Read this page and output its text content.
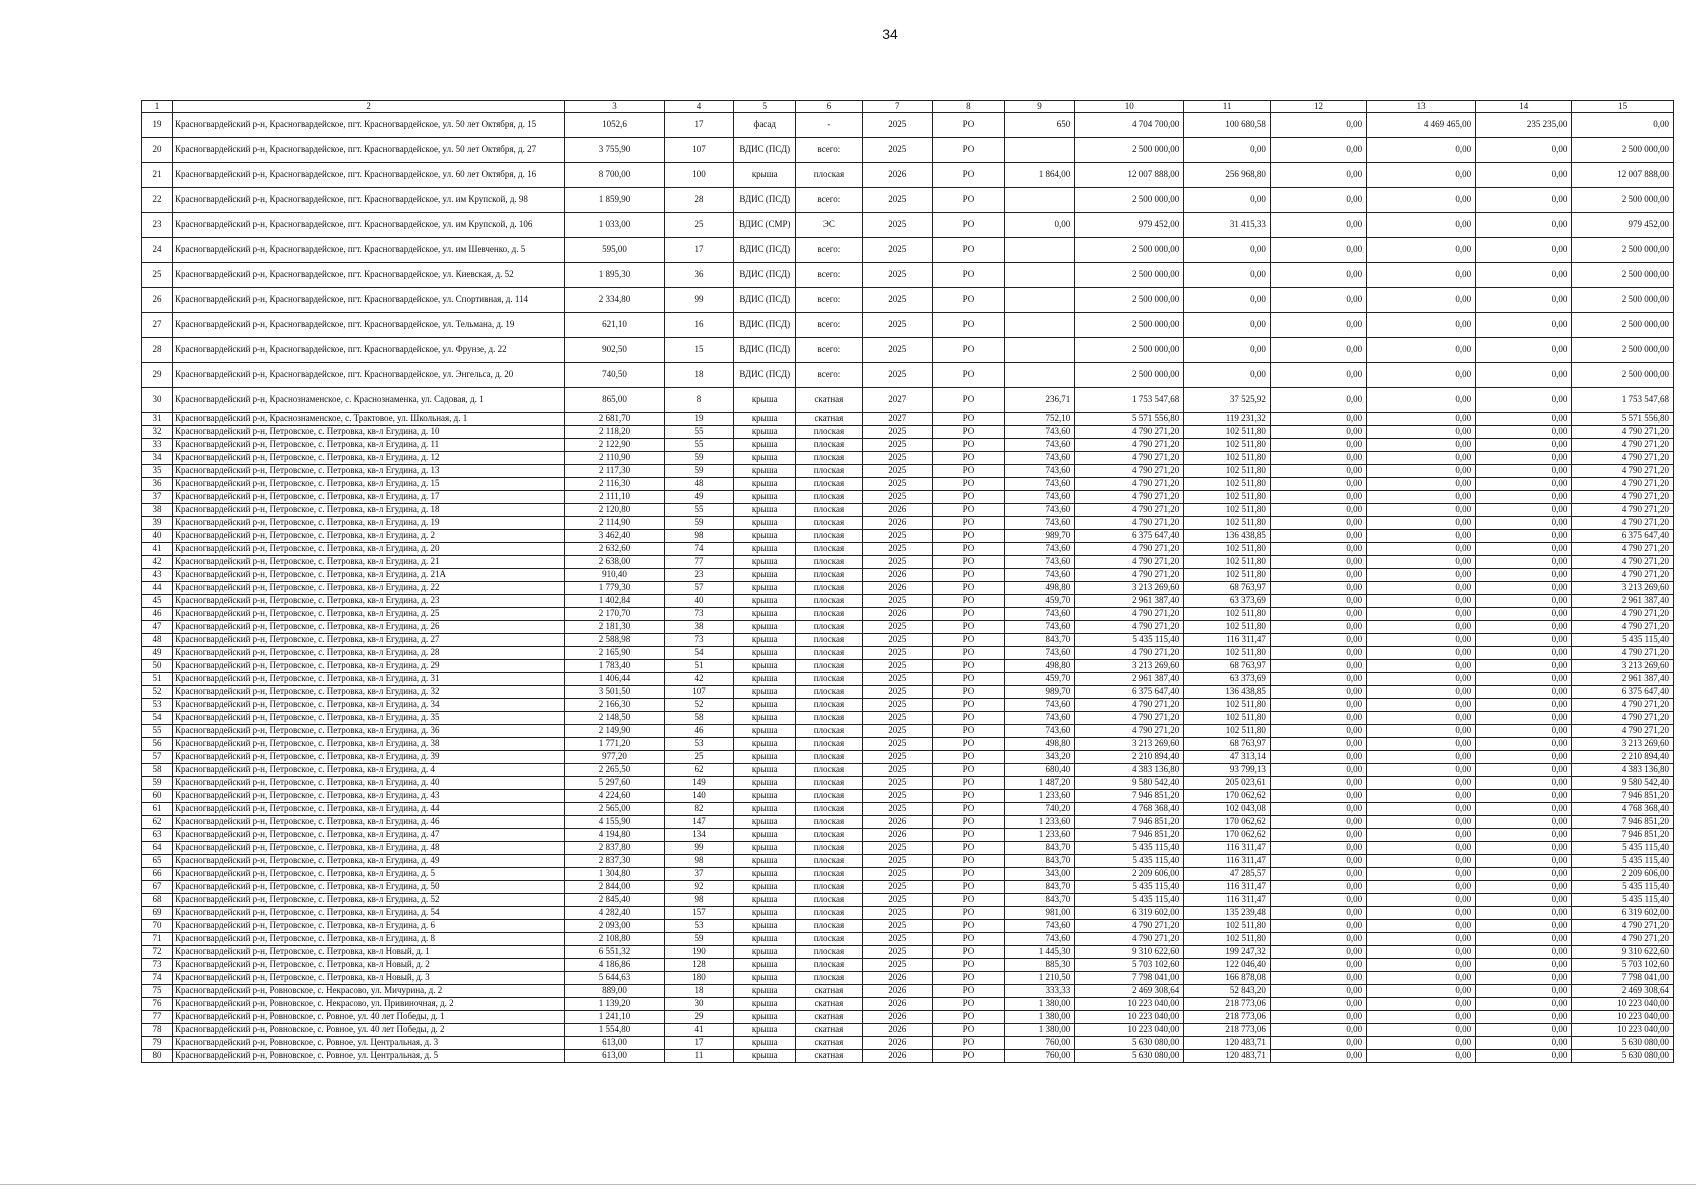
34
1	2	3	4	5	6	7	8	9	10	11	12	13	14	15
19	Красногвардейский р-н, Красногвардейское, пгт. Красногвардейское, ул. 50 лет Октября, д. 15	1052,6	17	фасад	-	2025	РО	650	4 704 700,00	100 680,58	0,00	4 469 465,00	235 235,00	0,00
20	Красногвардейский р-н, Красногвардейское, пгт. Красногвардейское, ул. 50 лет Октября, д. 27	3 755,90	107	ВДИС (ПСД)	всего:	2025	РО		2 500 000,00	0,00	0,00	0,00	0,00	2 500 000,00
21	Красногвардейский р-н, Красногвардейское, пгт. Красногвардейское, ул. 60 лет Октября, д. 16	8 700,00	100	крыша	плоская	2026	РО	1 864,00	12 007 888,00	256 968,80	0,00	0,00	0,00	12 007 888,00
22	Красногвардейский р-н, Красногвардейское, пгт. Красногвардейское, ул. им Крупской, д. 98	1 859,90	28	ВДИС (ПСД)	всего:	2025	РО		2 500 000,00	0,00	0,00	0,00	0,00	2 500 000,00
23	Красногвардейский р-н, Красногвардейское, пгт. Красногвардейское, ул. им Крупской, д. 106	1 033,00	25	ВДИС (СМР)	ЭС	2025	РО	0,00	979 452,00	31 415,33	0,00	0,00	0,00	979 452,00
24	Красногвардейский р-н, Красногвардейское, пгт. Красногвардейское, ул. им Шевченко, д. 5	595,00	17	ВДИС (ПСД)	всего:	2025	РО		2 500 000,00	0,00	0,00	0,00	0,00	2 500 000,00
25	Красногвардейский р-н, Красногвардейское, пгт. Красногвардейское, ул. Киевская, д. 52	1 895,30	36	ВДИС (ПСД)	всего:	2025	РО		2 500 000,00	0,00	0,00	0,00	0,00	2 500 000,00
26	Красногвардейский р-н, Красногвардейское, пгт. Красногвардейское, ул. Спортивная, д. 114	2 334,80	99	ВДИС (ПСД)	всего:	2025	РО		2 500 000,00	0,00	0,00	0,00	0,00	2 500 000,00
27	Красногвардейский р-н, Красногвардейское, пгт. Красногвардейское, ул. Тельмана, д. 19	621,10	16	ВДИС (ПСД)	всего:	2025	РО		2 500 000,00	0,00	0,00	0,00	0,00	2 500 000,00
28	Красногвардейский р-н, Красногвардейское, пгт. Красногвардейское, ул. Фрунзе, д. 22	902,50	15	ВДИС (ПСД)	всего:	2025	РО		2 500 000,00	0,00	0,00	0,00	0,00	2 500 000,00
29	Красногвардейский р-н, Красногвардейское, пгт. Красногвардейское, ул. Энгельса, д. 20	740,50	18	ВДИС (ПСД)	всего:	2025	РО		2 500 000,00	0,00	0,00	0,00	0,00	2 500 000,00
30	Красногвардейский р-н, Краснознаменское, с. Краснознаменка, ул. Садовая, д. 1	865,00	8	крыша	скатная	2027	РО	236,71	1 753 547,68	37 525,92	0,00	0,00	0,00	1 753 547,68
31	Красногвардейский р-н, Краснознаменское, с. Трактовое, ул. Школьная, д. 1	2 681,70	19	крыша	скатная	2027	РО	752,10	5 571 556,80	119 231,32	0,00	0,00	0,00	5 571 556,80
32	Красногвардейский р-н, Петровское, с. Петровка, кв-л Егудина, д. 10	2 118,20	55	крыша	плоская	2025	РО	743,60	4 790 271,20	102 511,80	0,00	0,00	0,00	4 790 271,20
33	Красногвардейский р-н, Петровское, с. Петровка, кв-л Егудина, д. 11	2 122,90	55	крыша	плоская	2025	РО	743,60	4 790 271,20	102 511,80	0,00	0,00	0,00	4 790 271,20
34	Красногвардейский р-н, Петровское, с. Петровка, кв-л Егудина, д. 12	2 110,90	59	крыша	плоская	2025	РО	743,60	4 790 271,20	102 511,80	0,00	0,00	0,00	4 790 271,20
35	Красногвардейский р-н, Петровское, с. Петровка, кв-л Егудина, д. 13	2 117,30	59	крыша	плоская	2025	РО	743,60	4 790 271,20	102 511,80	0,00	0,00	0,00	4 790 271,20
36	Красногвардейский р-н, Петровское, с. Петровка, кв-л Егудина, д. 15	2 116,30	48	крыша	плоская	2025	РО	743,60	4 790 271,20	102 511,80	0,00	0,00	0,00	4 790 271,20
37	Красногвардейский р-н, Петровское, с. Петровка, кв-л Егудина, д. 17	2 111,10	49	крыша	плоская	2025	РО	743,60	4 790 271,20	102 511,80	0,00	0,00	0,00	4 790 271,20
38	Красногвардейский р-н, Петровское, с. Петровка, кв-л Егудина, д. 18	2 120,80	55	крыша	плоская	2026	РО	743,60	4 790 271,20	102 511,80	0,00	0,00	0,00	4 790 271,20
39	Красногвардейский р-н, Петровское, с. Петровка, кв-л Егудина, д. 19	2 114,90	59	крыша	плоская	2026	РО	743,60	4 790 271,20	102 511,80	0,00	0,00	0,00	4 790 271,20
40	Красногвардейский р-н, Петровское, с. Петровка, кв-л Егудина, д. 2	3 462,40	98	крыша	плоская	2025	РО	989,70	6 375 647,40	136 438,85	0,00	0,00	0,00	6 375 647,40
41	Красногвардейский р-н, Петровское, с. Петровка, кв-л Егудина, д. 20	2 632,60	74	крыша	плоская	2025	РО	743,60	4 790 271,20	102 511,80	0,00	0,00	0,00	4 790 271,20
42	Красногвардейский р-н, Петровское, с. Петровка, кв-л Егудина, д. 21	2 638,00	77	крыша	плоская	2025	РО	743,60	4 790 271,20	102 511,80	0,00	0,00	0,00	4 790 271,20
43	Красногвардейский р-н, Петровское, с. Петровка, кв-л Егудина, д. 21А	910,40	23	крыша	плоская	2026	РО	743,60	4 790 271,20	102 511,80	0,00	0,00	0,00	4 790 271,20
44	Красногвардейский р-н, Петровское, с. Петровка, кв-л Егудина, д. 22	1 779,30	57	крыша	плоская	2026	РО	498,80	3 213 269,60	68 763,97	0,00	0,00	0,00	3 213 269,60
45	Красногвардейский р-н, Петровское, с. Петровка, кв-л Егудина, д. 23	1 402,84	40	крыша	плоская	2025	РО	459,70	2 961 387,40	63 373,69	0,00	0,00	0,00	2 961 387,40
46	Красногвардейский р-н, Петровское, с. Петровка, кв-л Егудина, д. 25	2 170,70	73	крыша	плоская	2026	РО	743,60	4 790 271,20	102 511,80	0,00	0,00	0,00	4 790 271,20
47	Красногвардейский р-н, Петровское, с. Петровка, кв-л Егудина, д. 26	2 181,30	38	крыша	плоская	2025	РО	743,60	4 790 271,20	102 511,80	0,00	0,00	0,00	4 790 271,20
48	Красногвардейский р-н, Петровское, с. Петровка, кв-л Егудина, д. 27	2 588,98	73	крыша	плоская	2025	РО	843,70	5 435 115,40	116 311,47	0,00	0,00	0,00	5 435 115,40
49	Красногвардейский р-н, Петровское, с. Петровка, кв-л Егудина, д. 28	2 165,90	54	крыша	плоская	2025	РО	743,60	4 790 271,20	102 511,80	0,00	0,00	0,00	4 790 271,20
50	Красногвардейский р-н, Петровское, с. Петровка, кв-л Егудина, д. 29	1 783,40	51	крыша	плоская	2025	РО	498,80	3 213 269,60	68 763,97	0,00	0,00	0,00	3 213 269,60
51	Красногвардейский р-н, Петровское, с. Петровка, кв-л Егудина, д. 31	1 406,44	42	крыша	плоская	2025	РО	459,70	2 961 387,40	63 373,69	0,00	0,00	0,00	2 961 387,40
52	Красногвардейский р-н, Петровское, с. Петровка, кв-л Егудина, д. 32	3 501,50	107	крыша	плоская	2025	РО	989,70	6 375 647,40	136 438,85	0,00	0,00	0,00	6 375 647,40
53	Красногвардейский р-н, Петровское, с. Петровка, кв-л Егудина, д. 34	2 166,30	52	крыша	плоская	2025	РО	743,60	4 790 271,20	102 511,80	0,00	0,00	0,00	4 790 271,20
54	Красногвардейский р-н, Петровское, с. Петровка, кв-л Егудина, д. 35	2 148,50	58	крыша	плоская	2025	РО	743,60	4 790 271,20	102 511,80	0,00	0,00	0,00	4 790 271,20
55	Красногвардейский р-н, Петровское, с. Петровка, кв-л Егудина, д. 36	2 149,90	46	крыша	плоская	2025	РО	743,60	4 790 271,20	102 511,80	0,00	0,00	0,00	4 790 271,20
56	Красногвардейский р-н, Петровское, с. Петровка, кв-л Егудина, д. 38	1 771,20	53	крыша	плоская	2025	РО	498,80	3 213 269,60	68 763,97	0,00	0,00	0,00	3 213 269,60
57	Красногвардейский р-н, Петровское, с. Петровка, кв-л Егудина, д. 39	977,20	25	крыша	плоская	2025	РО	343,20	2 210 894,40	47 313,14	0,00	0,00	0,00	2 210 894,40
58	Красногвардейский р-н, Петровское, с. Петровка, кв-л Егудина, д. 4	2 265,50	62	крыша	плоская	2025	РО	680,40	4 383 136,80	93 799,13	0,00	0,00	0,00	4 383 136,80
59	Красногвардейский р-н, Петровское, с. Петровка, кв-л Егудина, д. 40	5 297,60	149	крыша	плоская	2025	РО	1 487,20	9 580 542,40	205 023,61	0,00	0,00	0,00	9 580 542,40
60	Красногвардейский р-н, Петровское, с. Петровка, кв-л Егудина, д. 43	4 224,60	140	крыша	плоская	2025	РО	1 233,60	7 946 851,20	170 062,62	0,00	0,00	0,00	7 946 851,20
61	Красногвардейский р-н, Петровское, с. Петровка, кв-л Егудина, д. 44	2 565,00	82	крыша	плоская	2025	РО	740,20	4 768 368,40	102 043,08	0,00	0,00	0,00	4 768 368,40
62	Красногвардейский р-н, Петровское, с. Петровка, кв-л Егудина, д. 46	4 155,90	147	крыша	плоская	2026	РО	1 233,60	7 946 851,20	170 062,62	0,00	0,00	0,00	7 946 851,20
63	Красногвардейский р-н, Петровское, с. Петровка, кв-л Егудина, д. 47	4 194,80	134	крыша	плоская	2026	РО	1 233,60	7 946 851,20	170 062,62	0,00	0,00	0,00	7 946 851,20
64	Красногвардейский р-н, Петровское, с. Петровка, кв-л Егудина, д. 48	2 837,80	99	крыша	плоская	2025	РО	843,70	5 435 115,40	116 311,47	0,00	0,00	0,00	5 435 115,40
65	Красногвардейский р-н, Петровское, с. Петровка, кв-л Егудина, д. 49	2 837,30	98	крыша	плоская	2025	РО	843,70	5 435 115,40	116 311,47	0,00	0,00	0,00	5 435 115,40
66	Красногвардейский р-н, Петровское, с. Петровка, кв-л Егудина, д. 5	1 304,80	37	крыша	плоская	2025	РО	343,00	2 209 606,00	47 285,57	0,00	0,00	0,00	2 209 606,00
67	Красногвардейский р-н, Петровское, с. Петровка, кв-л Егудина, д. 50	2 844,00	92	крыша	плоская	2025	РО	843,70	5 435 115,40	116 311,47	0,00	0,00	0,00	5 435 115,40
68	Красногвардейский р-н, Петровское, с. Петровка, кв-л Егудина, д. 52	2 845,40	98	крыша	плоская	2025	РО	843,70	5 435 115,40	116 311,47	0,00	0,00	0,00	5 435 115,40
69	Красногвардейский р-н, Петровское, с. Петровка, кв-л Егудина, д. 54	4 282,40	157	крыша	плоская	2025	РО	981,00	6 319 602,00	135 239,48	0,00	0,00	0,00	6 319 602,00
70	Красногвардейский р-н, Петровское, с. Петровка, кв-л Егудина, д. 6	2 093,00	53	крыша	плоская	2025	РО	743,60	4 790 271,20	102 511,80	0,00	0,00	0,00	4 790 271,20
71	Красногвардейский р-н, Петровское, с. Петровка, кв-л Егудина, д. 8	2 108,80	59	крыша	плоская	2025	РО	743,60	4 790 271,20	102 511,80	0,00	0,00	0,00	4 790 271,20
72	Красногвардейский р-н, Петровское, с. Петровка, кв-л Новый, д. 1	6 551,32	190	крыша	плоская	2025	РО	1 445,30	9 310 622,60	199 247,32	0,00	0,00	0,00	9 310 622,60
73	Красногвардейский р-н, Петровское, с. Петровка, кв-л Новый, д. 2	4 186,86	128	крыша	плоская	2025	РО	885,30	5 703 102,60	122 046,40	0,00	0,00	0,00	5 703 102,60
74	Красногвардейский р-н, Петровское, с. Петровка, кв-л Новый, д. 3	5 644,63	180	крыша	плоская	2026	РО	1 210,50	7 798 041,00	166 878,08	0,00	0,00	0,00	7 798 041,00
75	Красногвардейский р-н, Ровновское, с. Некрасово, ул. Мичурина, д. 2	889,00	18	крыша	скатная	2026	РО	333,33	2 469 308,64	52 843,20	0,00	0,00	0,00	2 469 308,64
76	Красногвардейский р-н, Ровновское, с. Некрасово, ул. Привиночная, д. 2	1 139,20	30	крыша	скатная	2026	РО	1 380,00	10 223 040,00	218 773,06	0,00	0,00	0,00	10 223 040,00
77	Красногвардейский р-н, Ровновское, с. Ровное, ул. 40 лет Победы, д. 1	1 241,10	29	крыша	скатная	2026	РО	1 380,00	10 223 040,00	218 773,06	0,00	0,00	0,00	10 223 040,00
78	Красногвардейский р-н, Ровновское, с. Ровное, ул. 40 лет Победы, д. 2	1 554,80	41	крыша	скатная	2026	РО	1 380,00	10 223 040,00	218 773,06	0,00	0,00	0,00	10 223 040,00
79	Красногвардейский р-н, Ровновское, с. Ровное, ул. Центральная, д. 3	613,00	17	крыша	скатная	2026	РО	760,00	5 630 080,00	120 483,71	0,00	0,00	0,00	5 630 080,00
80	Красногвардейский р-н, Ровновское, с. Ровное, ул. Центральная, д. 5	613,00	11	крыша	скатная	2026	РО	760,00	5 630 080,00	120 483,71	0,00	0,00	0,00	5 630 080,00
